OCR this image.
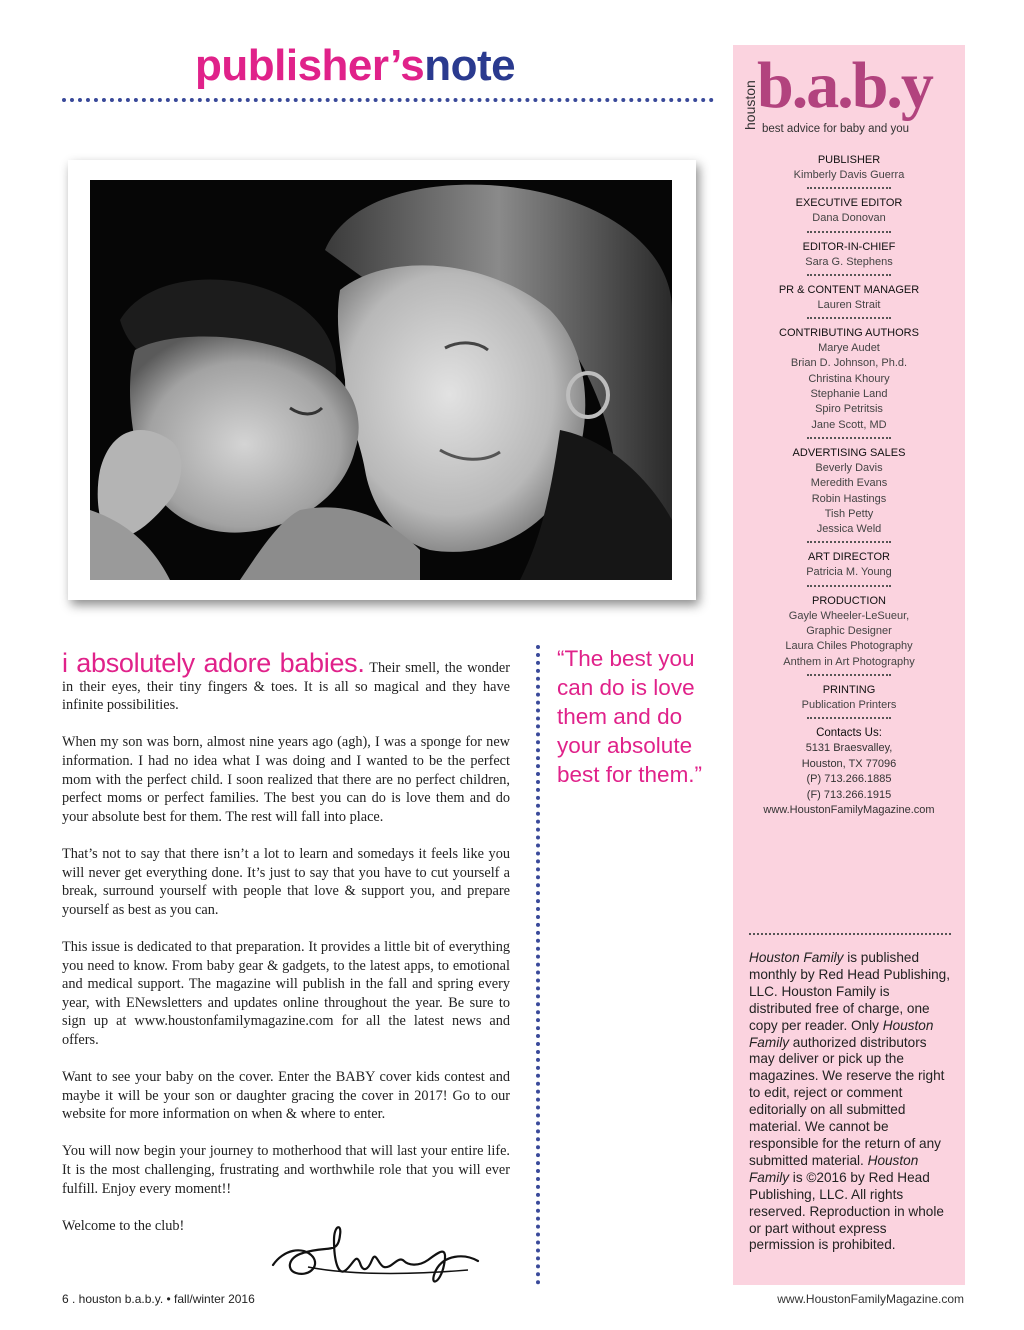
publisher’snote

i absolutely adore babies. Their smell, the wonder in their eyes, their tiny fingers & toes. It is all so magical and they have infinite possibilities.

When my son was born, almost nine years ago (agh), I was a sponge for new information. I had no idea what I was doing and I wanted to be the perfect mom with the perfect child. I soon realized that there are no perfect children, perfect moms or perfect families. The best you can do is love them and do your absolute best for them. The rest will fall into place.

That’s not to say that there isn’t a lot to learn and somedays it feels like you will never get everything done. It’s just to say that you have to cut yourself a break, surround yourself with people that love & support you, and prepare yourself as best as you can.

This issue is dedicated to that preparation. It provides a little bit of everything you need to know. From baby gear & gadgets, to the latest apps, to emotional and medical support. The magazine will publish in the fall and spring every year, with ENewsletters and updates online throughout the year. Be sure to sign up at www.houstonfamilymagazine.com for all the latest news and offers.

Want to see your baby on the cover. Enter the BABY cover kids contest and maybe it will be your son or daughter gracing the cover in 2017! Go to our website for more information on when & where to enter.

You will now begin your journey to motherhood that will last your entire life. It is the most challenging, frustrating and worthwhile role that you will ever fulfill. Enjoy every moment!!

Welcome to the club!

“The best you can do is love them and do your absolute best for them.”
6 . houston b.a.b.y. • fall/winter 2016	www.HoustonFamilyMagazine.com
houston b.a.b.y
best advice for baby and you
PUBLISHER
Kimberly Davis Guerra
EXECUTIVE EDITOR
Dana Donovan
EDITOR-IN-CHIEF
Sara G. Stephens
PR & CONTENT MANAGER
Lauren Strait
CONTRIBUTING AUTHORS
Marye Audet
Brian D. Johnson, Ph.d.
Christina Khoury
Stephanie Land
Spiro Petritsis
Jane Scott, MD
ADVERTISING SALES
Beverly Davis
Meredith Evans
Robin Hastings
Tish Petty
Jessica Weld
ART DIRECTOR
Patricia M. Young
PRODUCTION
Gayle Wheeler-LeSueur,
Graphic Designer
Laura Chiles Photography
Anthem in Art Photography
PRINTING
Publication Printers
Contacts Us:
5131 Braesvalley,
Houston, TX 77096
(P) 713.266.1885
(F) 713.266.1915
www.HoustonFamilyMagazine.com
Houston Family is published monthly by Red Head Publishing, LLC. Houston Family is distributed free of charge, one copy per reader. Only Houston Family authorized distributors may deliver or pick up the magazines. We reserve the right to edit, reject or comment editorially on all submitted material. We cannot be responsible for the return of any submitted material. Houston Family is ©2016 by Red Head Publishing, LLC. All rights reserved. Reproduction in whole or part without express permission is prohibited.
